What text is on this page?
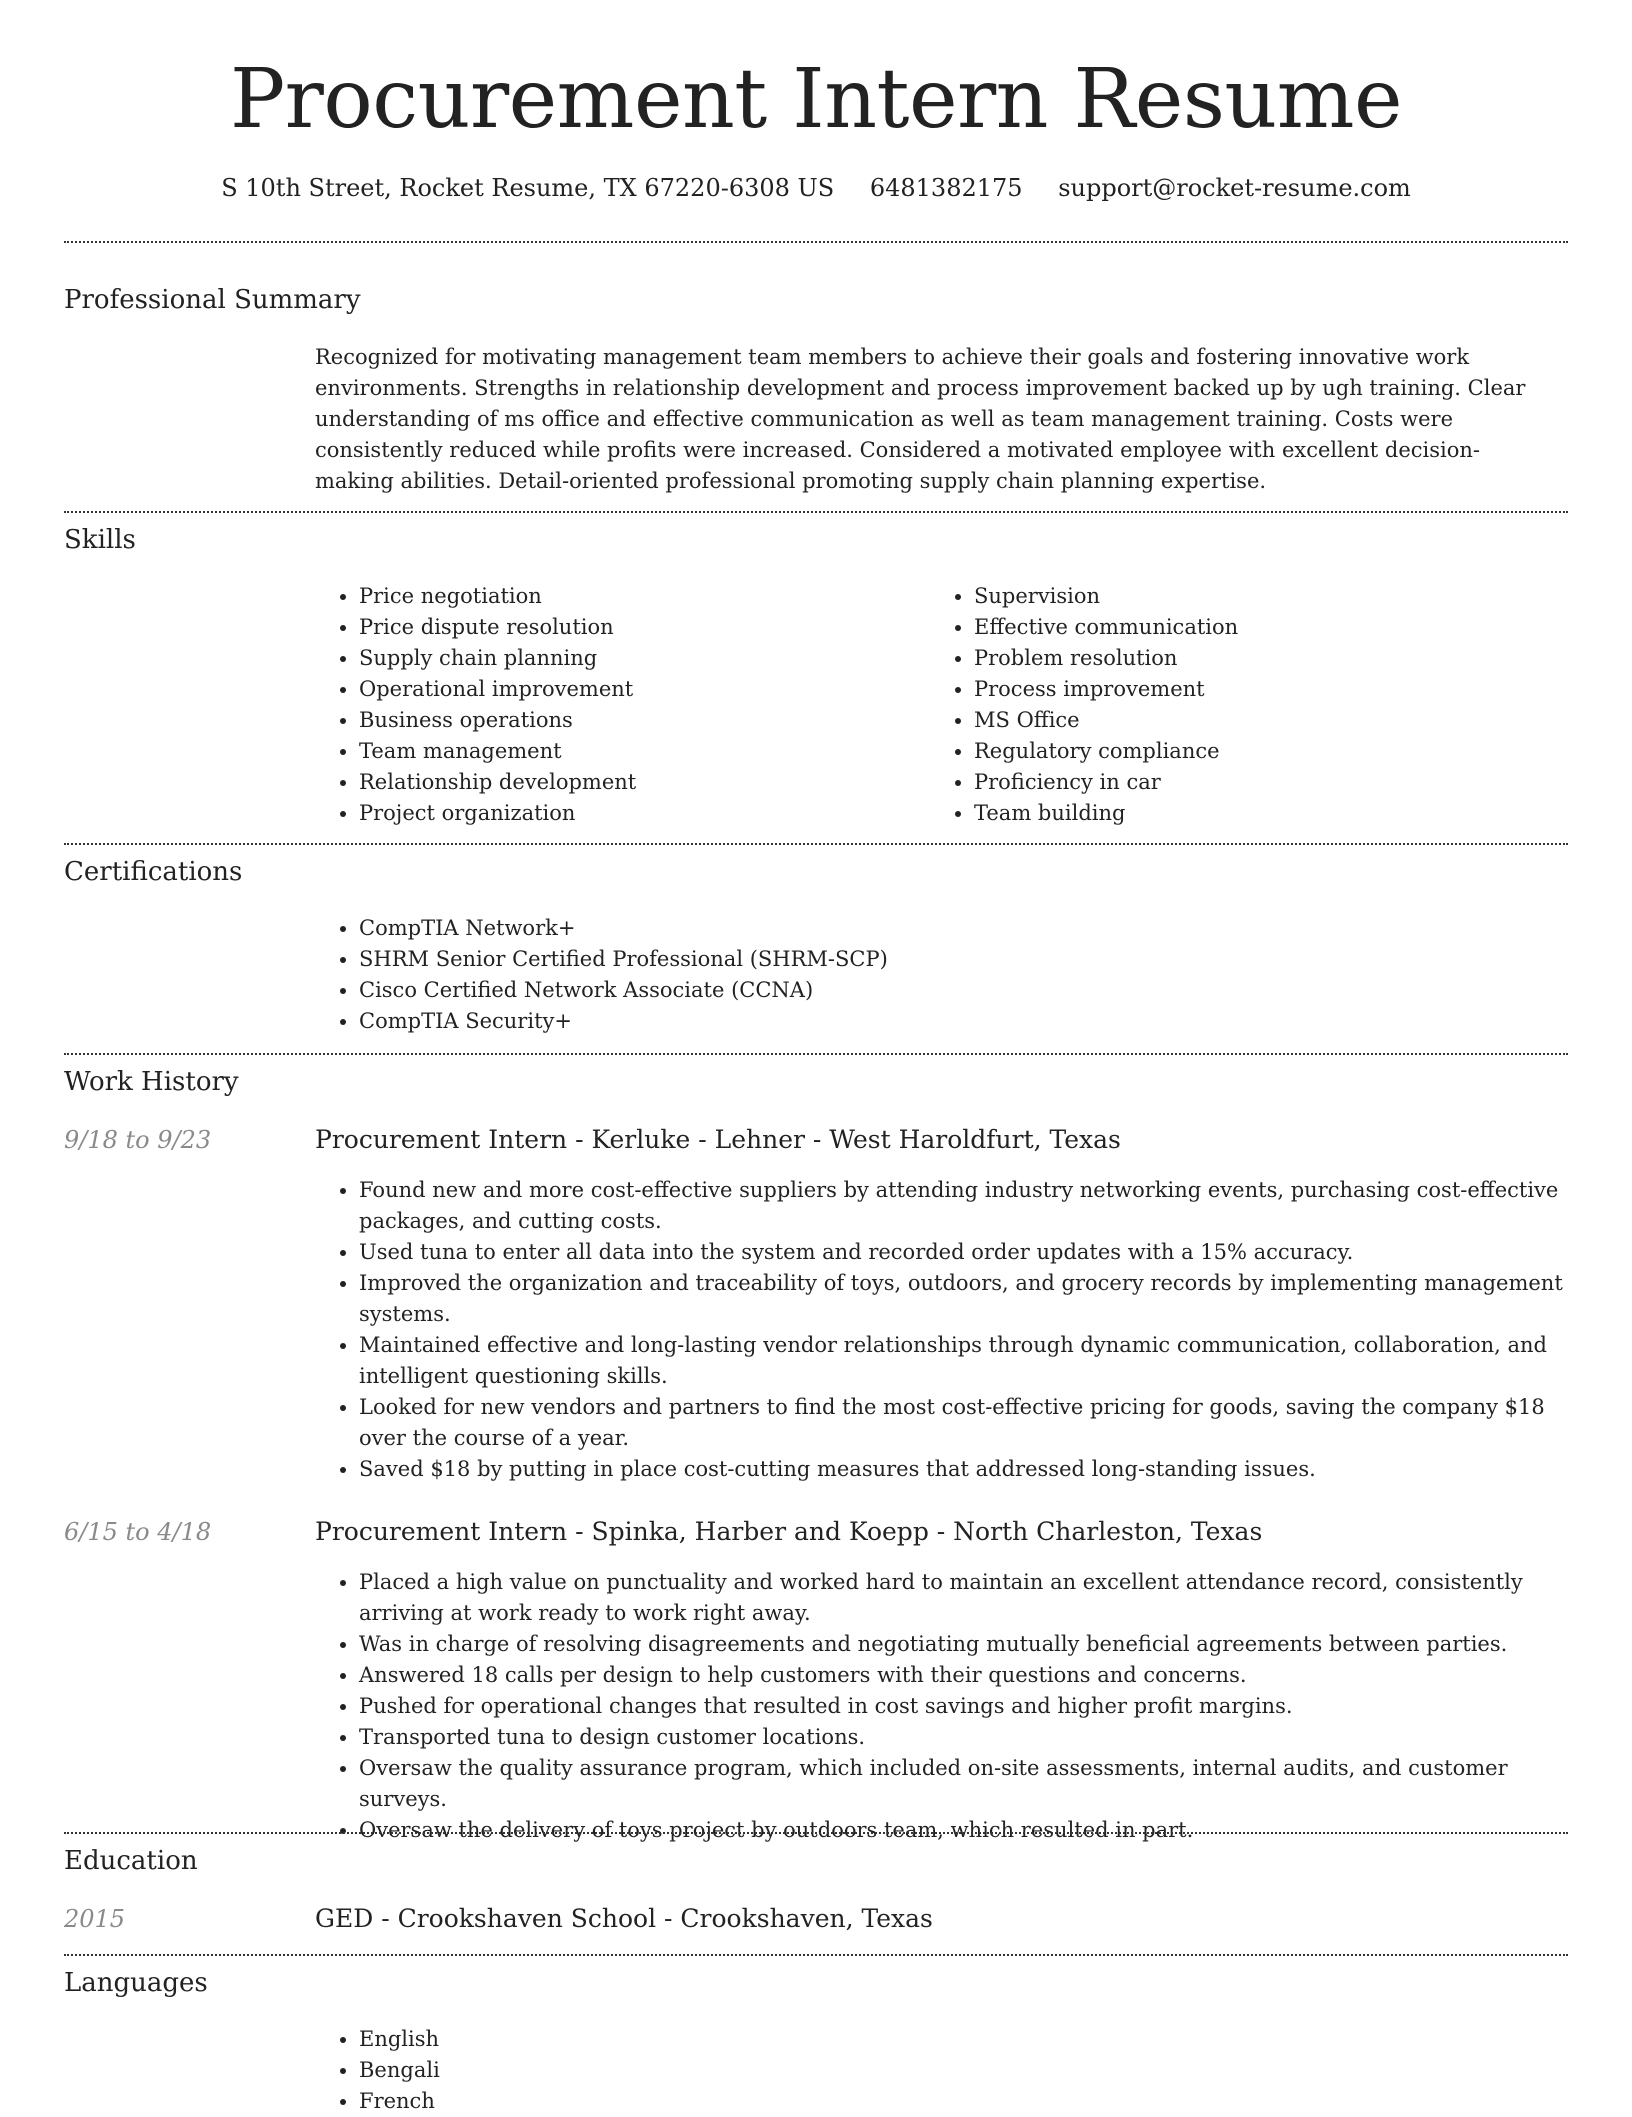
Procurement Intern Resume
S 10th Street, Rocket Resume, TX 67220-6308 US 6481382175 support@rocket-resume.com
Professional Summary

Recognized for motivating management team members to achieve their goals and fostering innovative work environments. Strengths in relationship development and process improvement backed up by ugh training. Clear understanding of ms office and effective communication as well as team management training. Costs were consistently reduced while profits were increased. Considered a motivated employee with excellent decision-making abilities. Detail-oriented professional promoting supply chain planning expertise.

Skills
• Price negotiation
• Price dispute resolution
• Supply chain planning
• Operational improvement
• Business operations
• Team management
• Relationship development
• Project organization
• Supervision
• Effective communication
• Problem resolution
• Process improvement
• MS Office
• Regulatory compliance
• Proficiency in car
• Team building
Certifications
• CompTIA Network+
• SHRM Senior Certified Professional (SHRM-SCP)
• Cisco Certified Network Associate (CCNA)
• CompTIA Security+
Work History
9/18 to 9/23	Procurement Intern - Kerluke - Lehner - West Haroldfurt, Texas
• Found new and more cost-effective suppliers by attending industry networking events, purchasing cost-effective packages, and cutting costs.
• Used tuna to enter all data into the system and recorded order updates with a 15% accuracy.
• Improved the organization and traceability of toys, outdoors, and grocery records by implementing management systems.
• Maintained effective and long-lasting vendor relationships through dynamic communication, collaboration, and intelligent questioning skills.
• Looked for new vendors and partners to find the most cost-effective pricing for goods, saving the company $18 over the course of a year.
• Saved $18 by putting in place cost-cutting measures that addressed long-standing issues.
6/15 to 4/18	Procurement Intern - Spinka, Harber and Koepp - North Charleston, Texas
• Placed a high value on punctuality and worked hard to maintain an excellent attendance record, consistently arriving at work ready to work right away.
• Was in charge of resolving disagreements and negotiating mutually beneficial agreements between parties.
• Answered 18 calls per design to help customers with their questions and concerns.
• Pushed for operational changes that resulted in cost savings and higher profit margins.
• Transported tuna to design customer locations.
• Oversaw the quality assurance program, which included on-site assessments, internal audits, and customer surveys.
• Oversaw the delivery of toys project by outdoors team, which resulted in part.
Education
2015	GED - Crookshaven School - Crookshaven, Texas
Languages
• English
• Bengali
• French
